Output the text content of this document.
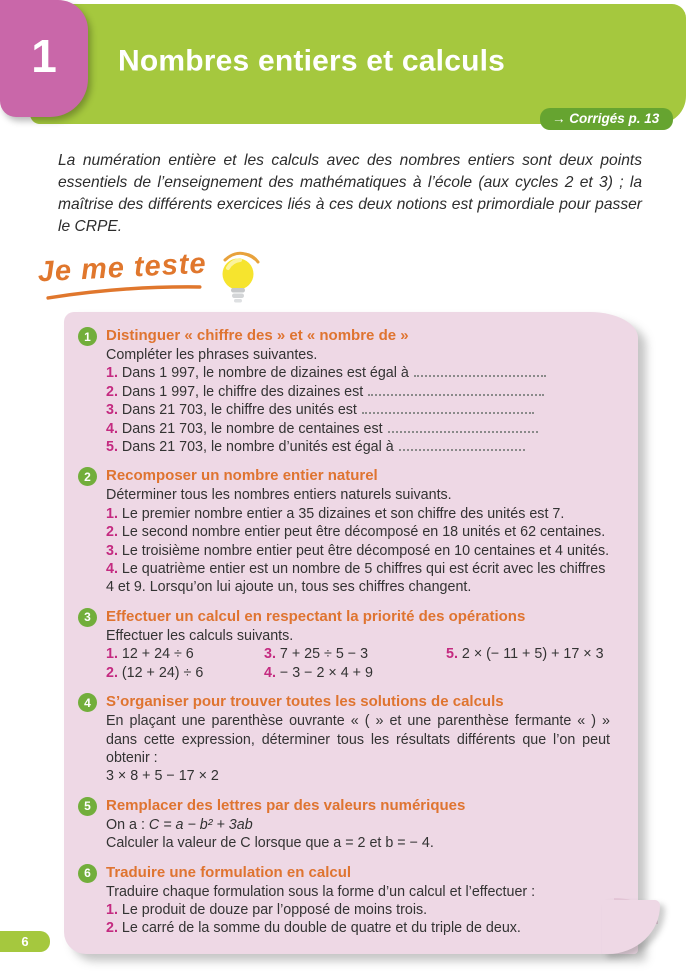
Nombres entiers et calculs
1
→ Corrigés p. 13

La numération entière et les calculs avec des nombres entiers sont deux points essentiels de l’enseignement des mathématiques à l’école (aux cycles 2 et 3) ; la maîtrise des différents exercices liés à ces deux notions est primordiale pour passer le CRPE.

Je me teste
1	Distinguer « chiffre des » et « nombre de »

Compléter les phrases suivantes.

1. Dans 1 997, le nombre de dizaines est égal à

2. Dans 1 997, le chiffre des dizaines est

3. Dans 21 703, le chiffre des unités est

4. Dans 21 703, le nombre de centaines est

5. Dans 21 703, le nombre d’unités est égal à

2	Recomposer un nombre entier naturel

Déterminer tous les nombres entiers naturels suivants.

1. Le premier nombre entier a 35 dizaines et son chiffre des unités est 7.

2. Le second nombre entier peut être décomposé en 18 unités et 62 centaines.

3. Le troisième nombre entier peut être décomposé en 10 centaines et 4 unités.

4. Le quatrième entier est un nombre de 5 chiffres qui est écrit avec les chiffres 4 et 9. Lorsqu’on lui ajoute un, tous ses chiffres changent.

3	Effectuer un calcul en respectant la priorité des opérations

Effectuer les calculs suivants.

1. 12 + 24 ÷ 6

2. (12 + 24) ÷ 6

3. 7 + 25 ÷ 5 − 3

4. − 3 − 2 × 4 + 9

5. 2 × (− 11 + 5) + 17 × 3

4	S’organiser pour trouver toutes les solutions de calculs

En plaçant une parenthèse ouvrante « ( » et une parenthèse fermante « ) » dans cette expression, déterminer tous les résultats différents que l’on peut obtenir :

3 × 8 + 5 − 17 × 2

5	Remplacer des lettres par des valeurs numériques

On a : C = a − b² + 3ab

Calculer la valeur de C lorsque que a = 2 et b = − 4.

6	Traduire une formulation en calcul

Traduire chaque formulation sous la forme d’un calcul et l’effectuer :

1. Le produit de douze par l’opposé de moins trois.

2. Le carré de la somme du double de quatre et du triple de deux.

6
